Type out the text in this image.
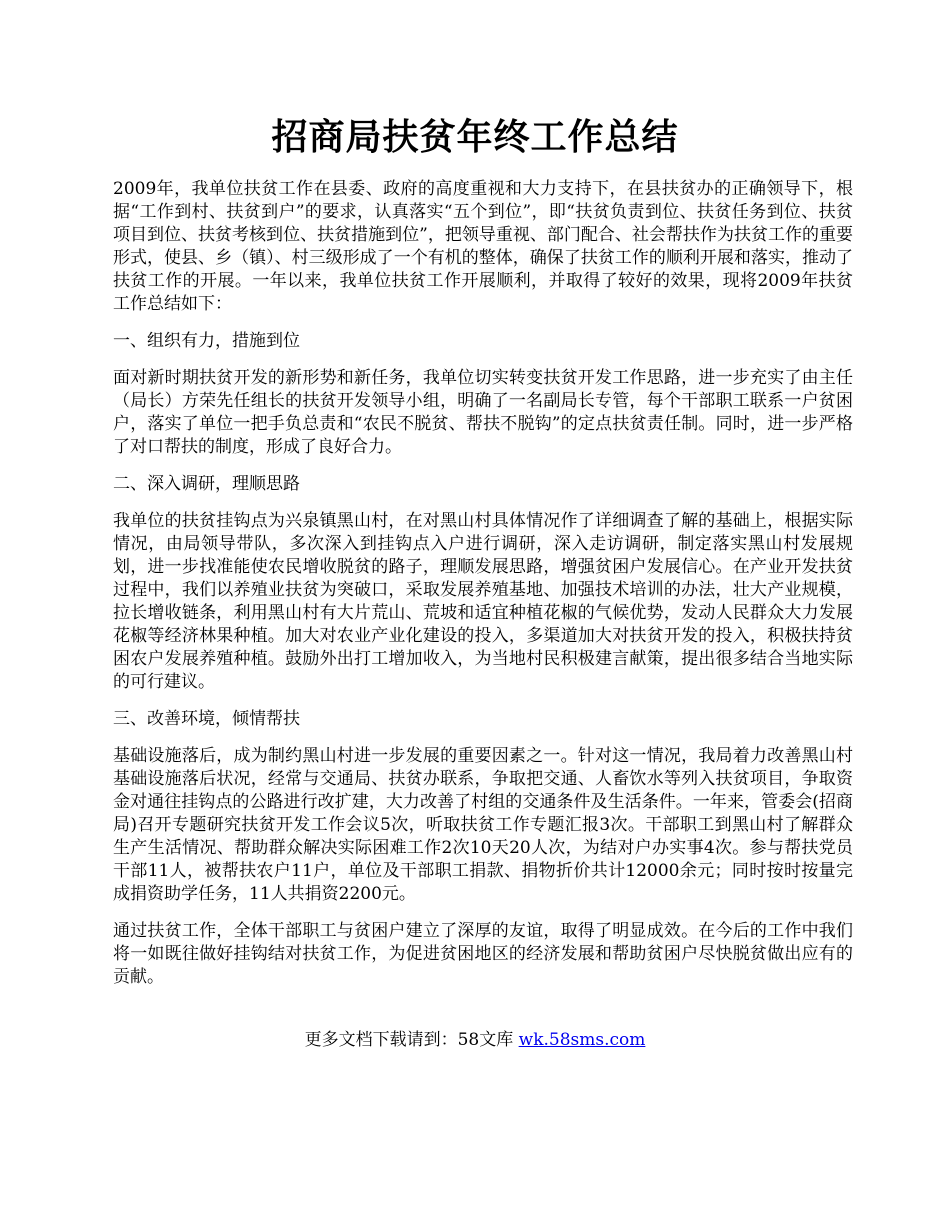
招商局扶贫年终工作总结

2009年，我单位扶贫工作在县委、政府的高度重视和大力支持下，在县扶贫办的正确领导下，根据“工作到村、扶贫到户”的要求，认真落实“五个到位”，即“扶贫负责到位、扶贫任务到位、扶贫项目到位、扶贫考核到位、扶贫措施到位”，把领导重视、部门配合、社会帮扶作为扶贫工作的重要形式，使县、乡（镇）、村三级形成了一个有机的整体，确保了扶贫工作的顺利开展和落实，推动了扶贫工作的开展。一年以来，我单位扶贫工作开展顺利，并取得了较好的效果，现将2009年扶贫工作总结如下：

一、组织有力，措施到位

面对新时期扶贫开发的新形势和新任务，我单位切实转变扶贫开发工作思路，进一步充实了由主任（局长）方荣先任组长的扶贫开发领导小组，明确了一名副局长专管，每个干部职工联系一户贫困户，落实了单位一把手负总责和“农民不脱贫、帮扶不脱钩”的定点扶贫责任制。同时，进一步严格了对口帮扶的制度，形成了良好合力。

二、深入调研，理顺思路

我单位的扶贫挂钩点为兴泉镇黑山村，在对黑山村具体情况作了详细调查了解的基础上，根据实际情况，由局领导带队，多次深入到挂钩点入户进行调研，深入走访调研，制定落实黑山村发展规划，进一步找准能使农民增收脱贫的路子，理顺发展思路，增强贫困户发展信心。在产业开发扶贫过程中，我们以养殖业扶贫为突破口，采取发展养殖基地、加强技术培训的办法，壮大产业规模，拉长增收链条，利用黑山村有大片荒山、荒坡和适宜种植花椒的气候优势，发动人民群众大力发展花椒等经济林果种植。加大对农业产业化建设的投入，多渠道加大对扶贫开发的投入，积极扶持贫困农户发展养殖种植。鼓励外出打工增加收入，为当地村民积极建言献策，提出很多结合当地实际的可行建议。

三、改善环境，倾情帮扶

基础设施落后，成为制约黑山村进一步发展的重要因素之一。针对这一情况，我局着力改善黑山村基础设施落后状况，经常与交通局、扶贫办联系，争取把交通、人畜饮水等列入扶贫项目，争取资金对通往挂钩点的公路进行改扩建，大力改善了村组的交通条件及生活条件。一年来，管委会(招商局)召开专题研究扶贫开发工作会议5次，听取扶贫工作专题汇报3次。干部职工到黑山村了解群众生产生活情况、帮助群众解决实际困难工作2次10天20人次，为结对户办实事4次。参与帮扶党员干部11人，被帮扶农户11户，单位及干部职工捐款、捐物折价共计12000余元；同时按时按量完成捐资助学任务，11人共捐资2200元。

通过扶贫工作，全体干部职工与贫困户建立了深厚的友谊，取得了明显成效。在今后的工作中我们将一如既往做好挂钩结对扶贫工作，为促进贫困地区的经济发展和帮助贫困户尽快脱贫做出应有的贡献。

更多文档下载请到：58文库 wk.58sms.com
